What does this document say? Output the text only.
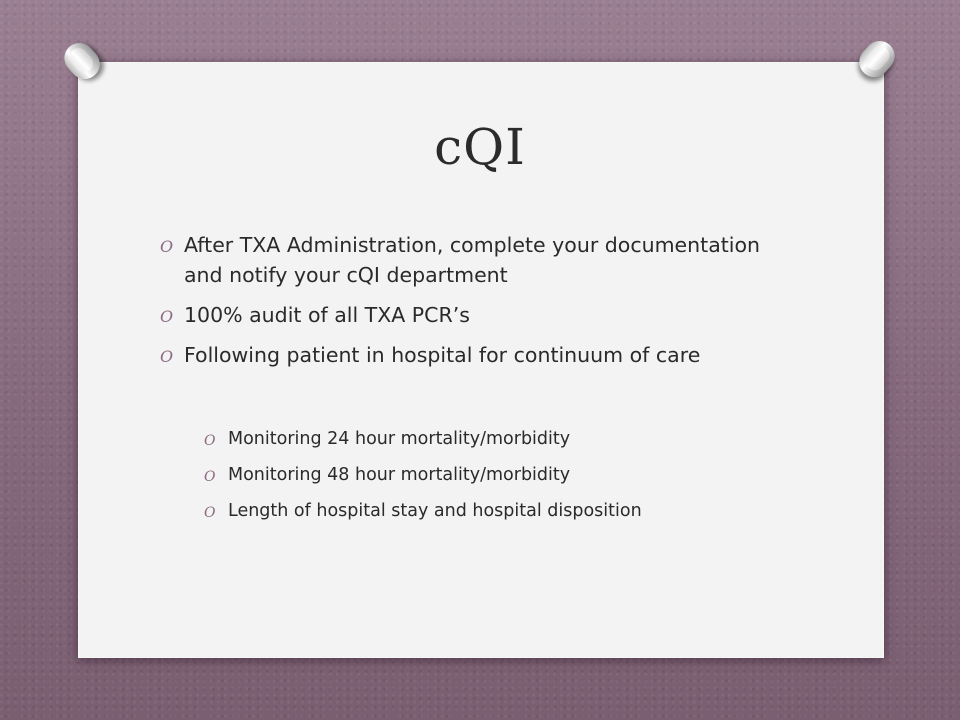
cQI
O After TXA Administration, complete your documentation and notify your cQI department
O 100% audit of all TXA PCR’s
O Following patient in hospital for continuum of care
O Monitoring 24 hour mortality/morbidity
O Monitoring 48 hour mortality/morbidity
O Length of hospital stay and hospital disposition
